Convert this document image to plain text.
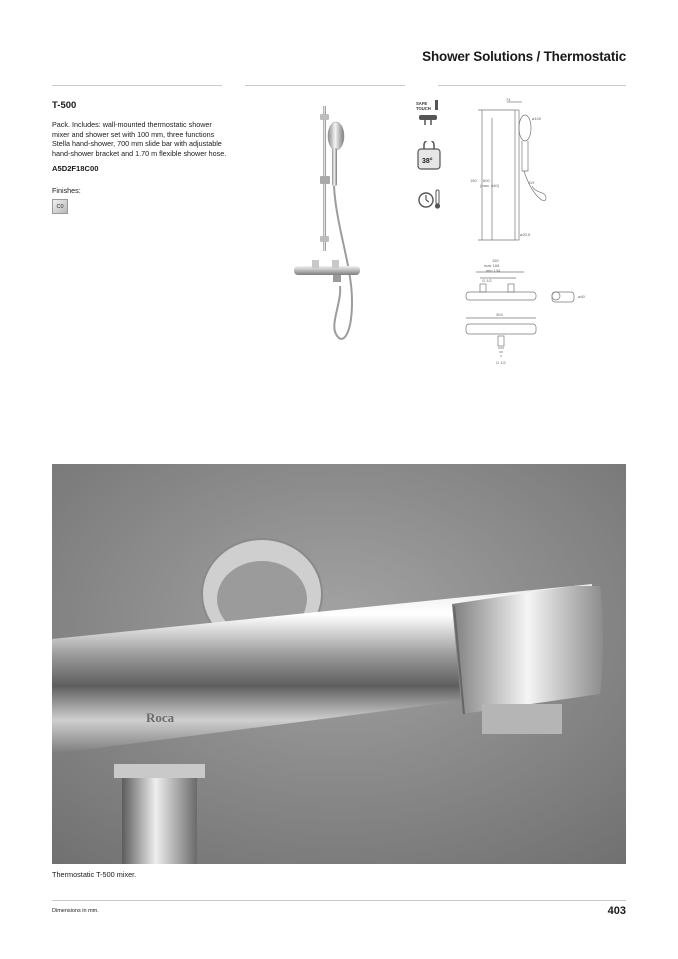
Shower Solutions / Thermostatic
T-500
Pack. Includes: wall-mounted thermostatic shower mixer and shower set with 100 mm, three functions Stella hand-shower, 700 mm slide bar with adjustable hand-shower bracket and 1.70 m flexible shower hose.
A5D2F18C00
Finishes:
C0
SAFE
TOUCH

38°

74
ø100
150 600
(max. 640)
119
ø20,5
150
max 168
min 134
G 1/2
ø40
304
G 1/2
Roca
Thermostatic T-500 mixer.
Dimensions in mm.	403
